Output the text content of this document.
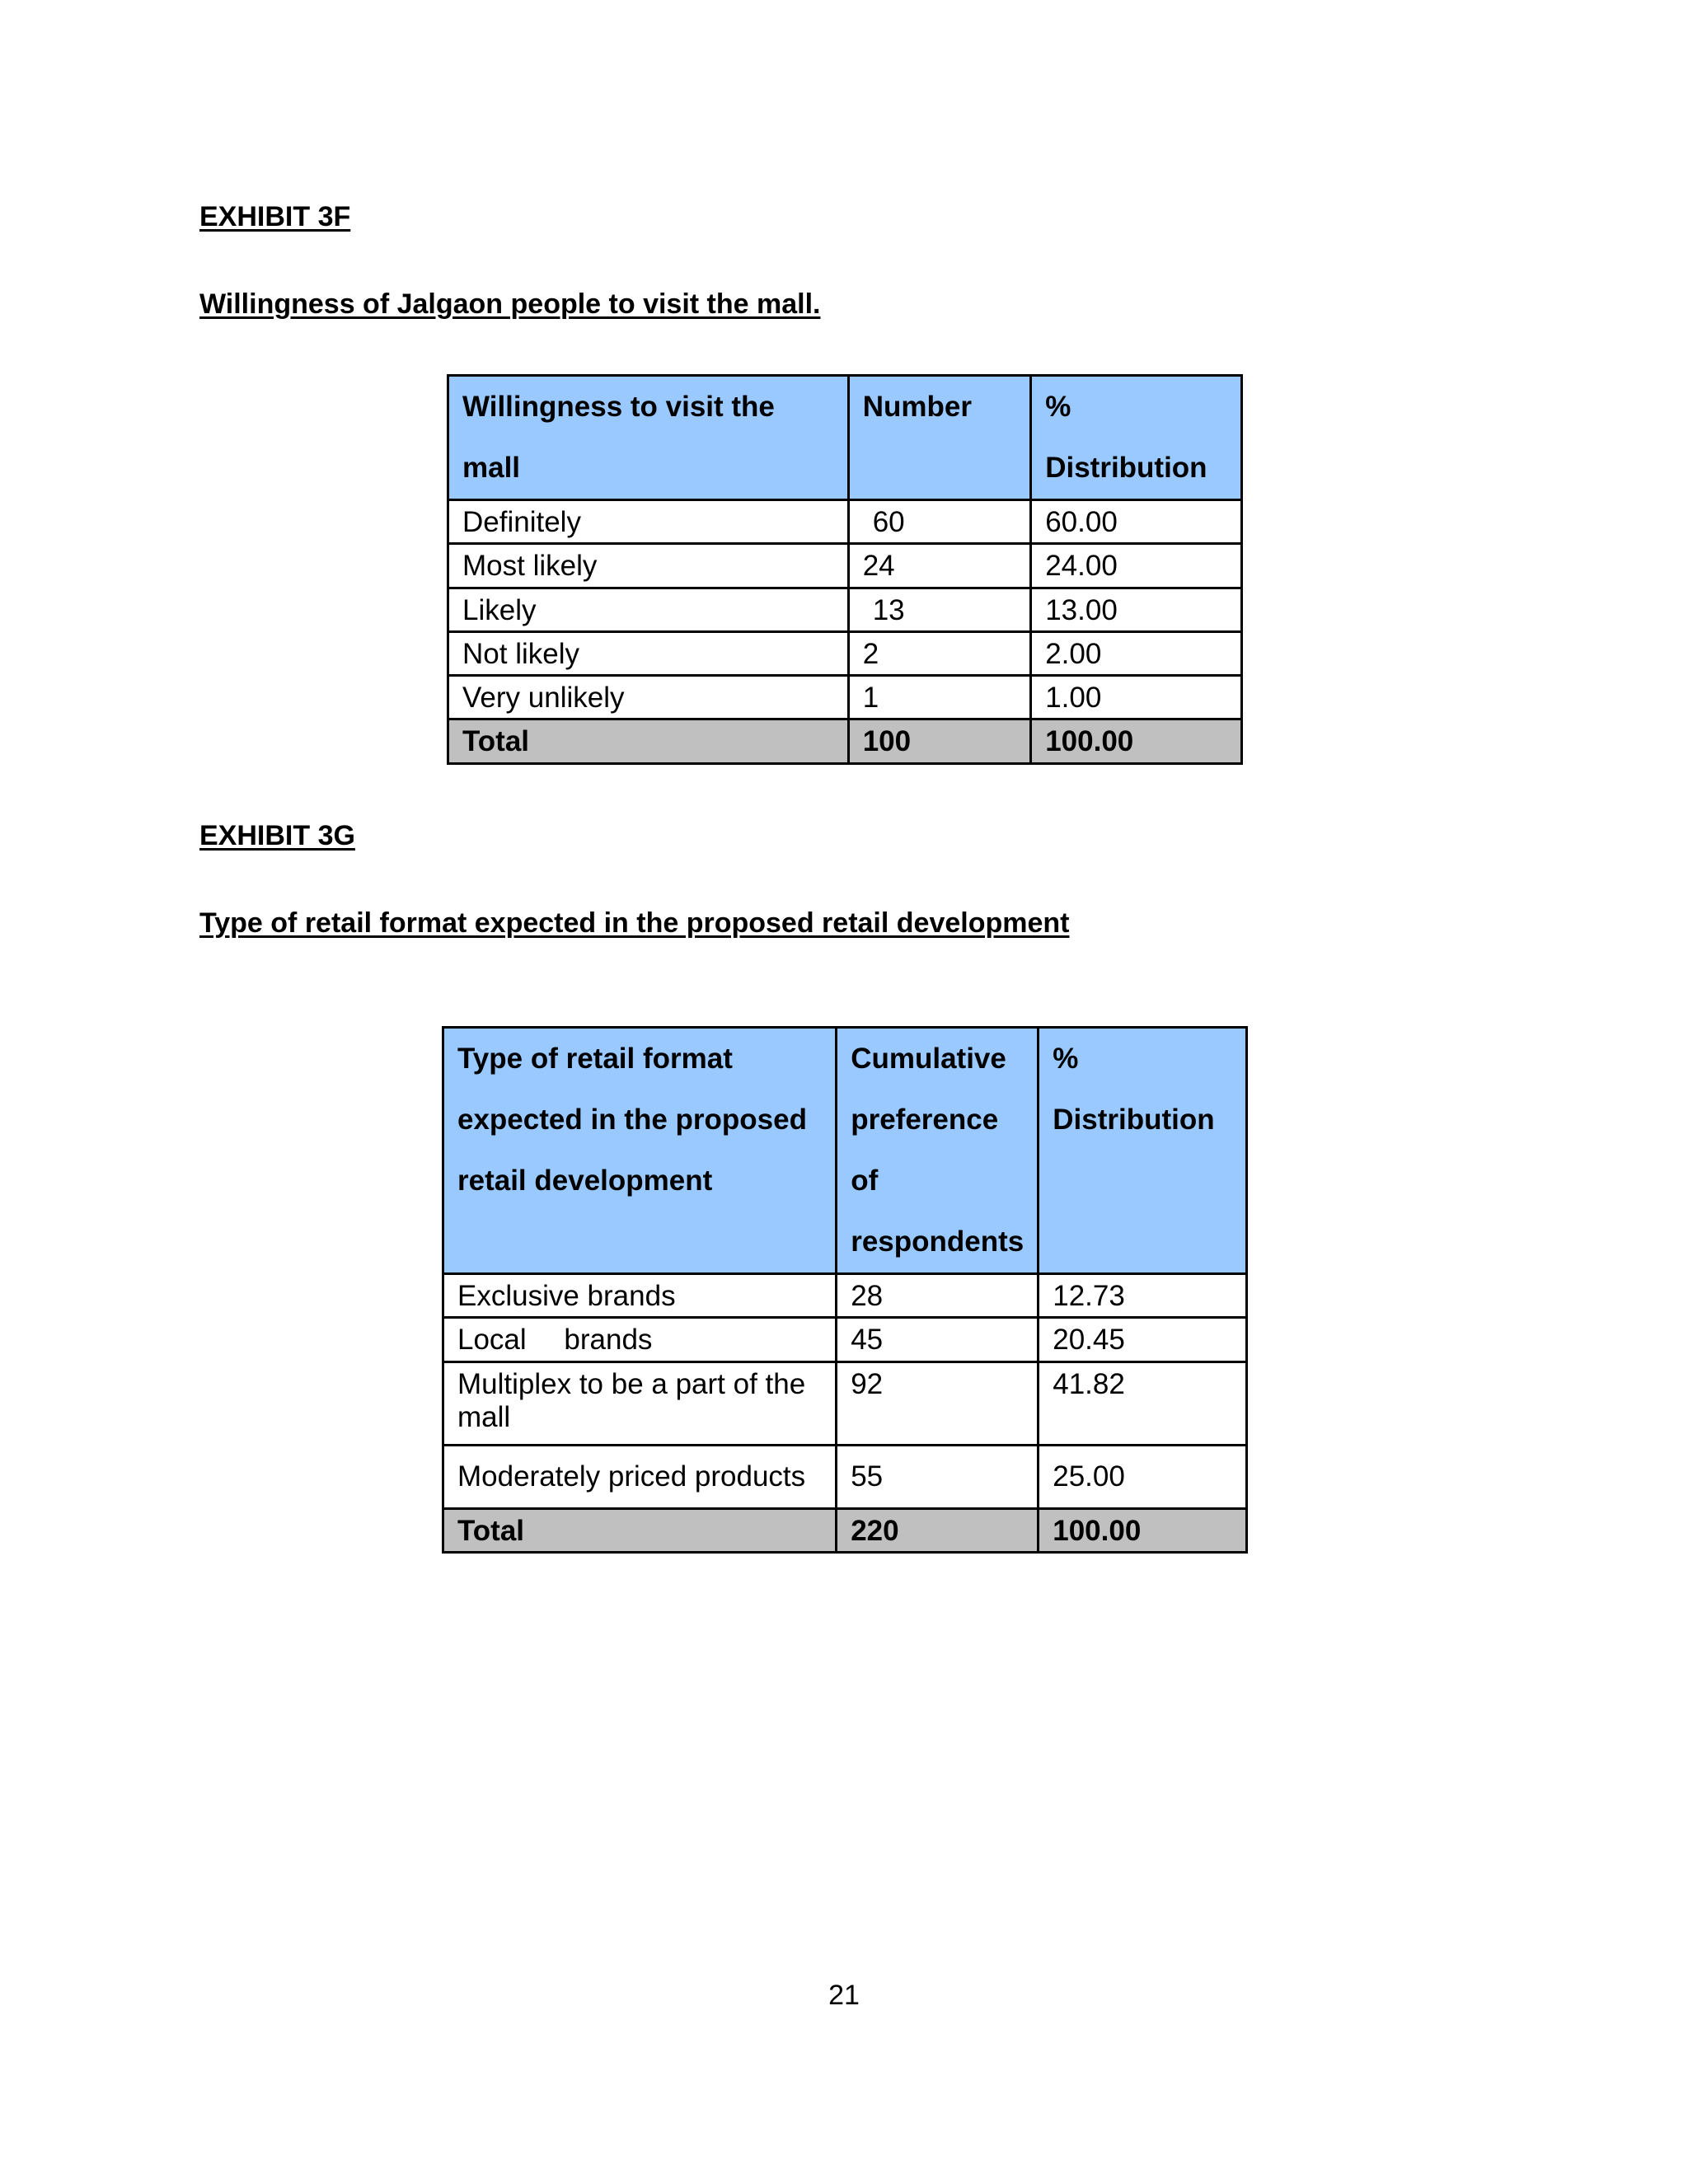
EXHIBIT 3F
Willingness of Jalgaon people to visit the mall.
Willingness to visit the mall	Number	% Distribution
Definitely	60	60.00
Most likely	24	24.00
Likely	13	13.00
Not likely	2	2.00
Very unlikely	1	1.00
Total	100	100.00
EXHIBIT 3G
Type of retail format expected in the proposed retail development
Type of retail format expected in the proposed retail development	Cumulative preference of respondents	% Distribution
Exclusive brands	28	12.73
Local brands	45	20.45
Multiplex to be a part of the mall	92	41.82
Moderately priced products	55	25.00
Total	220	100.00
21
